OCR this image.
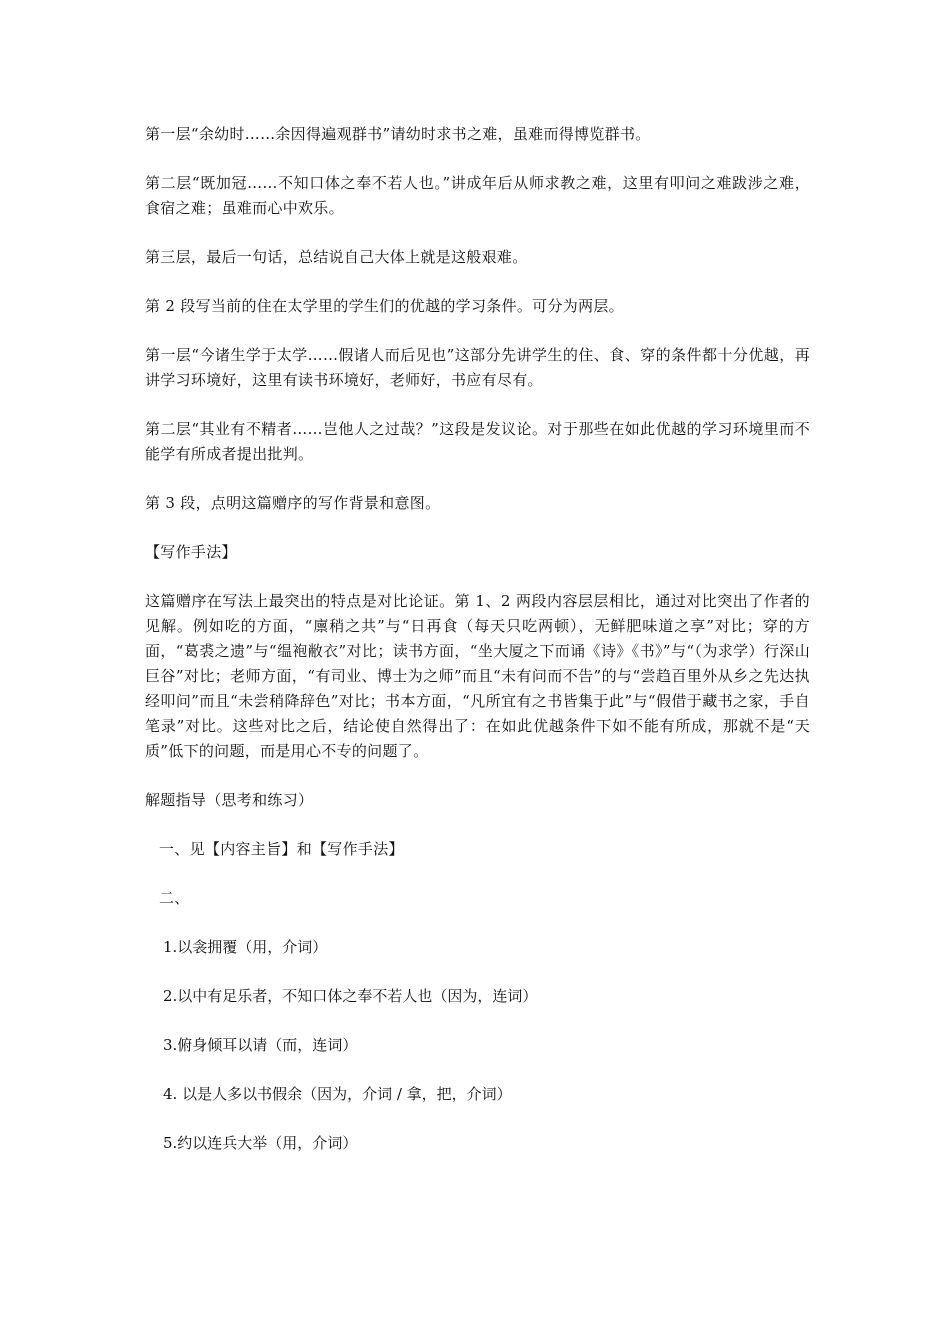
第一层“余幼时……余因得遍观群书”请幼时求书之难，虽难而得博览群书。

第二层“既加冠……不知口体之奉不若人也。”讲成年后从师求教之难，这里有叩问之难跋涉之难，食宿之难；虽难而心中欢乐。

第三层，最后一句话，总结说自己大体上就是这般艰难。

第 2 段写当前的住在太学里的学生们的优越的学习条件。可分为两层。

第一层“今诸生学于太学……假诸人而后见也”这部分先讲学生的住、食、穿的条件都十分优越，再讲学习环境好，这里有读书环境好，老师好，书应有尽有。

第二层“其业有不精者……岂他人之过哉？”这段是发议论。对于那些在如此优越的学习环境里而不能学有所成者提出批判。

第 3 段，点明这篇赠序的写作背景和意图。

【写作手法】

这篇赠序在写法上最突出的特点是对比论证。第 1、2 两段内容层层相比，通过对比突出了作者的见解。例如吃的方面，“廪稍之共”与“日再食（每天只吃两顿），无鲜肥味道之享”对比；穿的方面，“葛裘之遗”与“缊袍敝衣”对比；读书方面，“坐大厦之下而诵《诗》《书》”与“（为求学）行深山巨谷”对比；老师方面，“有司业、博士为之师”而且“未有问而不告”的与“尝趋百里外从乡之先达执经叩问”而且“未尝稍降辞色”对比；书本方面，“凡所宜有之书皆集于此”与“假借于藏书之家，手自笔录”对比。这些对比之后，结论使自然得出了：在如此优越条件下如不能有所成，那就不是“天质”低下的问题，而是用心不专的问题了。

解题指导（思考和练习）

一、见【内容主旨】和【写作手法】

二、

1.以衾拥覆（用，介词）

2.以中有足乐者，不知口体之奉不若人也（因为，连词）

3.俯身倾耳以请（而，连词）

4. 以是人多以书假余（因为，介词 / 拿，把，介词）

5.约以连兵大举（用，介词）
